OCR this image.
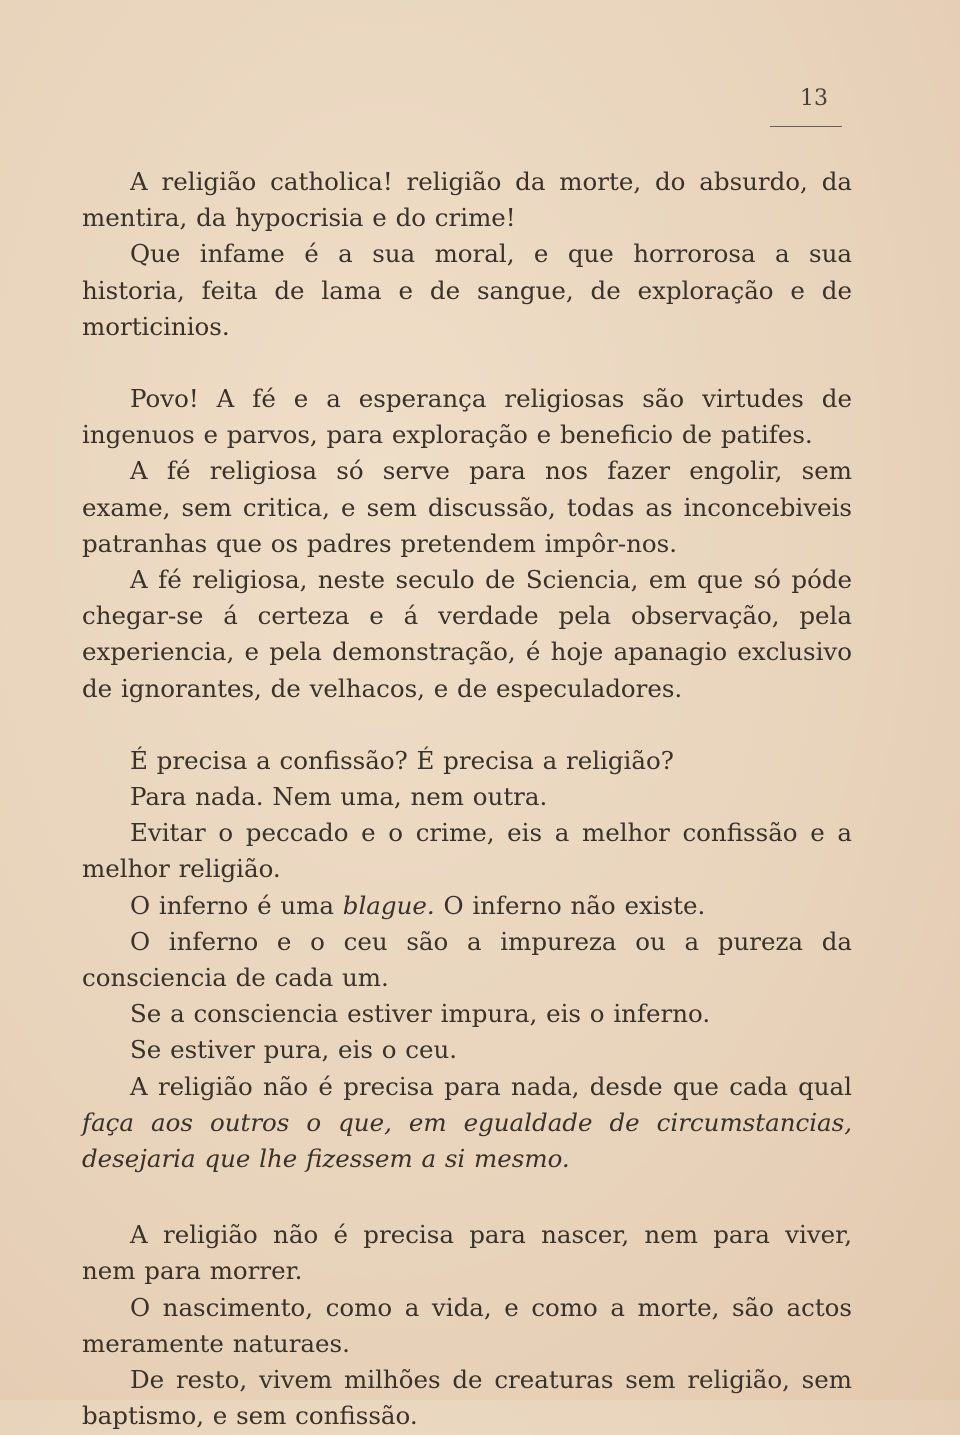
13

A religião catholica! religião da morte, do absurdo, da mentira, da hypocrisia e do crime!

Que infame é a sua moral, e que horrorosa a sua historia, feita de lama e de sangue, de exploração e de morticinios.

Povo! A fé e a esperança religiosas são virtudes de ingenuos e parvos, para exploração e beneficio de patifes.

A fé religiosa só serve para nos fazer engolir, sem exame, sem critica, e sem discussão, todas as inconcebiveis patranhas que os padres pretendem impôr-nos.

A fé religiosa, neste seculo de Sciencia, em que só póde chegar-se á certeza e á verdade pela observação, pela experiencia, e pela demonstração, é hoje apanagio exclusivo de ignorantes, de velhacos, e de especuladores.

É precisa a confissão? É precisa a religião?

Para nada. Nem uma, nem outra.

Evitar o peccado e o crime, eis a melhor confissão e a melhor religião.

O inferno é uma blague. O inferno não existe.

O inferno e o ceu são a impureza ou a pureza da consciencia de cada um.

Se a consciencia estiver impura, eis o inferno.

Se estiver pura, eis o ceu.

A religião não é precisa para nada, desde que cada qual faça aos outros o que, em egualdade de circumstancias, desejaria que lhe fizessem a si mesmo.

A religião não é precisa para nascer, nem para viver, nem para morrer.

O nascimento, como a vida, e como a morte, são actos meramente naturaes.

De resto, vivem milhões de creaturas sem religião, sem baptismo, e sem confissão.
